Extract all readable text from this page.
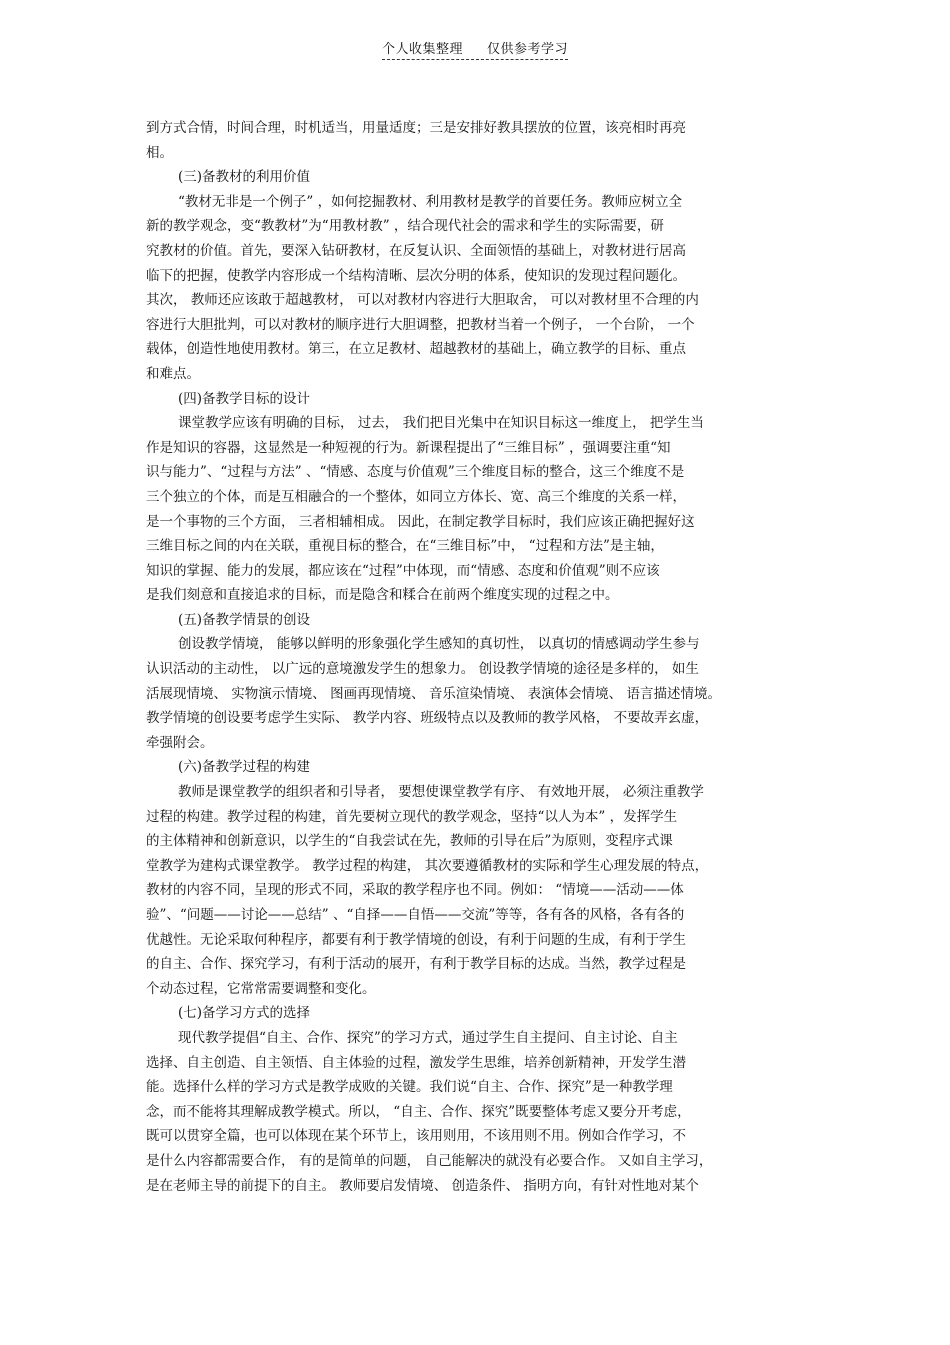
个人收集整理 仅供参考学习
到方式合情，时间合理，时机适当，用量适度；三是安排好教具摆放的位置，该亮相时再亮
相。
(三)备教材的利用价值
“教材无非是一个例子” ，如何挖掘教材、利用教材是教学的首要任务。教师应树立全
新的教学观念，变“教教材”为“用教材教” ，结合现代社会的需求和学生的实际需要，研
究教材的价值。首先，要深入钻研教材，在反复认识、全面领悟的基础上，对教材进行居高
临下的把握，使教学内容形成一个结构清晰、层次分明的体系，使知识的发现过程问题化。
其次， 教师还应该敢于超越教材， 可以对教材内容进行大胆取舍， 可以对教材里不合理的内
容进行大胆批判，可以对教材的顺序进行大胆调整，把教材当着一个例子， 一个台阶， 一个
载体，创造性地使用教材。第三，在立足教材、超越教材的基础上，确立教学的目标、重点
和难点。
(四)备教学目标的设计
课堂教学应该有明确的目标， 过去， 我们把目光集中在知识目标这一维度上， 把学生当
作是知识的容器，这显然是一种短视的行为。新课程提出了“三维目标” ，强调要注重“知
识与能力”、“过程与方法” 、“情感、态度与价值观”三个维度目标的整合，这三个维度不是
三个独立的个体，而是互相融合的一个整体，如同立方体长、宽、高三个维度的关系一样，
是一个事物的三个方面， 三者相辅相成。 因此，在制定教学目标时，我们应该正确把握好这
三维目标之间的内在关联，重视目标的整合，在“三维目标”中， “过程和方法”是主轴，
知识的掌握、能力的发展，都应该在“过程”中体现，而“情感、态度和价值观”则不应该
是我们刻意和直接追求的目标，而是隐含和糅合在前两个维度实现的过程之中。
(五)备教学情景的创设
创设教学情境， 能够以鲜明的形象强化学生感知的真切性， 以真切的情感调动学生参与
认识活动的主动性， 以广远的意境激发学生的想象力。 创设教学情境的途径是多样的， 如生
活展现情境、 实物演示情境、 图画再现情境、 音乐渲染情境、 表演体会情境、 语言描述情境。
教学情境的创设要考虑学生实际、 教学内容、班级特点以及教师的教学风格， 不要故弄玄虚，
牵强附会。
(六)备教学过程的构建
教师是课堂教学的组织者和引导者， 要想使课堂教学有序、 有效地开展， 必须注重教学
过程的构建。教学过程的构建，首先要树立现代的教学观念，坚持“以人为本” ，发挥学生
的主体精神和创新意识，以学生的“自我尝试在先，教师的引导在后”为原则，变程序式课
堂教学为建构式课堂教学。 教学过程的构建， 其次要遵循教材的实际和学生心理发展的特点，
教材的内容不同，呈现的形式不同，采取的教学程序也不同。例如： “情境——活动——体
验”、“问题——讨论——总结” 、“自择——自悟——交流”等等，各有各的风格，各有各的
优越性。无论采取何种程序，都要有利于教学情境的创设，有利于问题的生成，有利于学生
的自主、合作、探究学习，有利于活动的展开，有利于教学目标的达成。当然，教学过程是
个动态过程，它常常需要调整和变化。
(七)备学习方式的选择
现代教学提倡“自主、合作、探究”的学习方式，通过学生自主提问、自主讨论、自主
选择、自主创造、自主领悟、自主体验的过程，激发学生思维，培养创新精神，开发学生潜
能。选择什么样的学习方式是教学成败的关键。我们说“自主、合作、探究”是一种教学理
念，而不能将其理解成教学模式。所以， “自主、合作、探究”既要整体考虑又要分开考虑，
既可以贯穿全篇，也可以体现在某个环节上，该用则用，不该用则不用。例如合作学习，不
是什么内容都需要合作， 有的是简单的问题， 自己能解决的就没有必要合作。 又如自主学习，
是在老师主导的前提下的自主。 教师要启发情境、 创造条件、 指明方向，有针对性地对某个
